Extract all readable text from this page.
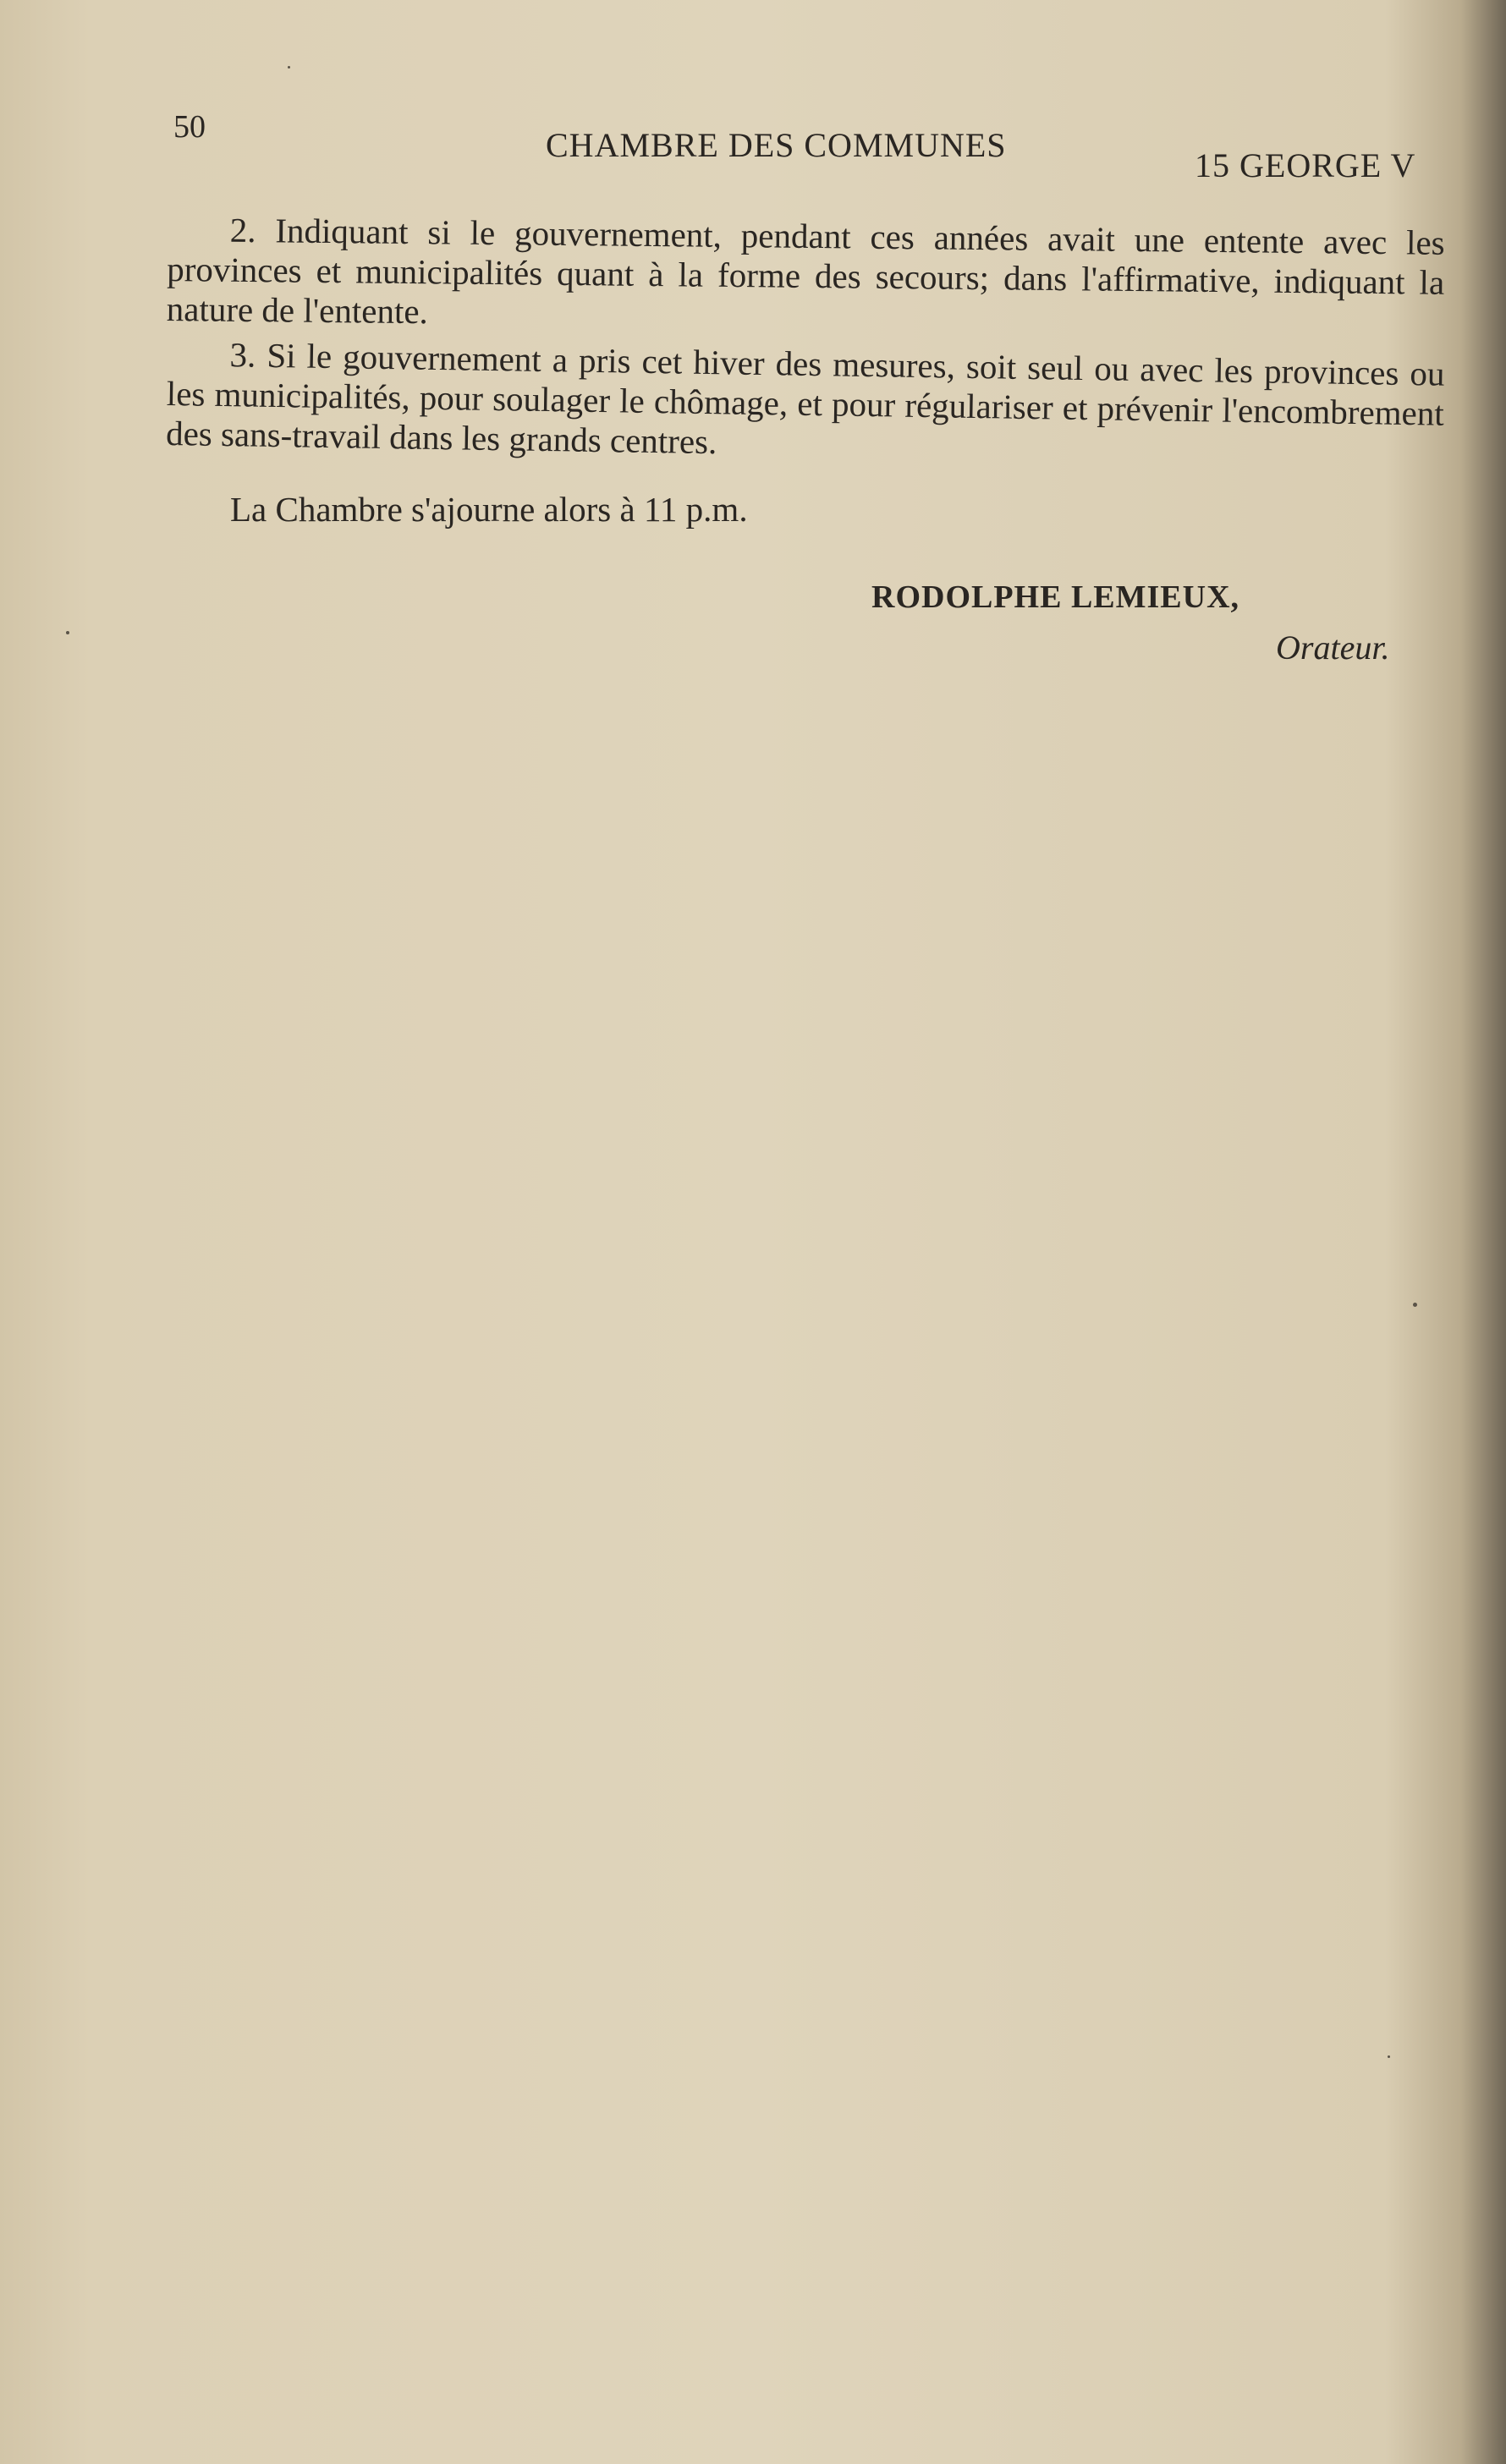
50	CHAMBRE DES COMMUNES
15 GEORGE V

2. Indiquant si le gouvernement, pendant ces années avait une entente avec les provinces et municipalités quant à la forme des secours; dans l'affirmative, indiquant la nature de l'entente.

3. Si le gouvernement a pris cet hiver des mesures, soit seul ou avec les provinces ou les municipalités, pour soulager le chômage, et pour régulariser et prévenir l'encombrement des sans-travail dans les grands centres.

La Chambre s'ajourne alors à 11 p.m.
RODOLPHE LEMIEUX,
Orateur.
